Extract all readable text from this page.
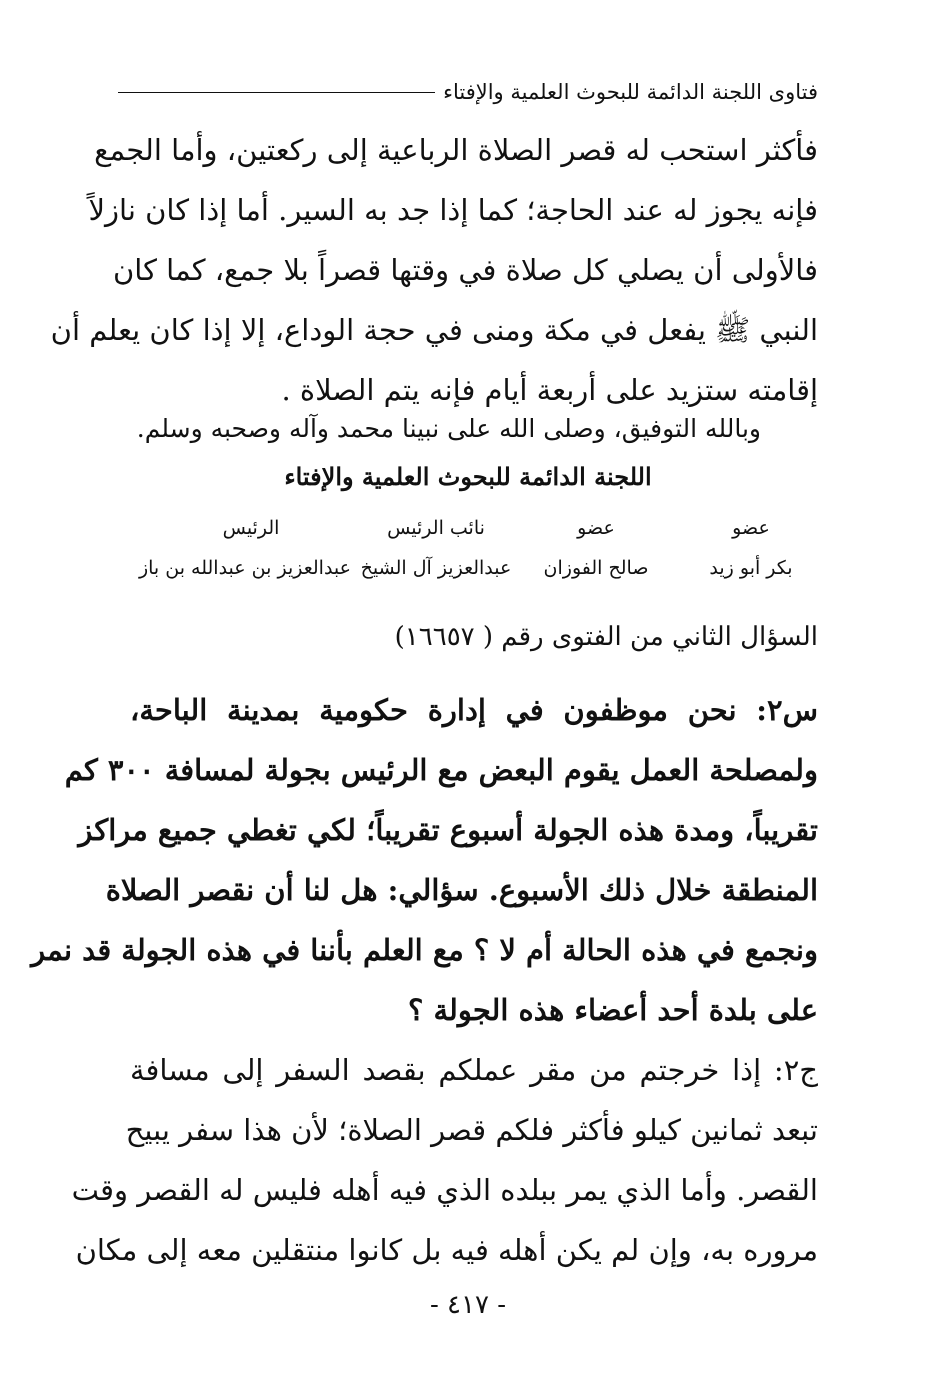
فتاوى اللجنة الدائمة للبحوث العلمية والإفتاء
فأكثر استحب له قصر الصلاة الرباعية إلى ركعتين، وأما الجمع
فإنه يجوز له عند الحاجة؛ كما إذا جد به السير. أما إذا كان نازلاً
فالأولى أن يصلي كل صلاة في وقتها قصراً بلا جمع، كما كان
النبي ﷺ يفعل في مكة ومنى في حجة الوداع، إلا إذا كان يعلم أن
إقامته ستزيد على أربعة أيام فإنه يتم الصلاة .
وبالله التوفيق، وصلى الله على نبينا محمد وآله وصحبه وسلم.
اللجنة الدائمة للبحوث العلمية والإفتاء
عضو
بكر أبو زيد
عضو
صالح الفوزان
نائب الرئيس
عبدالعزيز آل الشيخ
الرئيس
عبدالعزيز بن عبدالله بن باز
السؤال الثاني من الفتوى رقم ( ١٦٦٥٧)
س٢: نحن موظفون في إدارة حكومية بمدينة الباحة،
ولمصلحة العمل يقوم البعض مع الرئيس بجولة لمسافة ٣٠٠ كم
تقريباً، ومدة هذه الجولة أسبوع تقريباً؛ لكي تغطي جميع مراكز
المنطقة خلال ذلك الأسبوع. سؤالي: هل لنا أن نقصر الصلاة
ونجمع في هذه الحالة أم لا ؟ مع العلم بأننا في هذه الجولة قد نمر
على بلدة أحد أعضاء هذه الجولة ؟
ج٢: إذا خرجتم من مقر عملكم بقصد السفر إلى مسافة
تبعد ثمانين كيلو فأكثر فلكم قصر الصلاة؛ لأن هذا سفر يبيح
القصر. وأما الذي يمر ببلده الذي فيه أهله فليس له القصر وقت
مروره به، وإن لم يكن أهله فيه بل كانوا منتقلين معه إلى مكان
- ٤١٧ -
